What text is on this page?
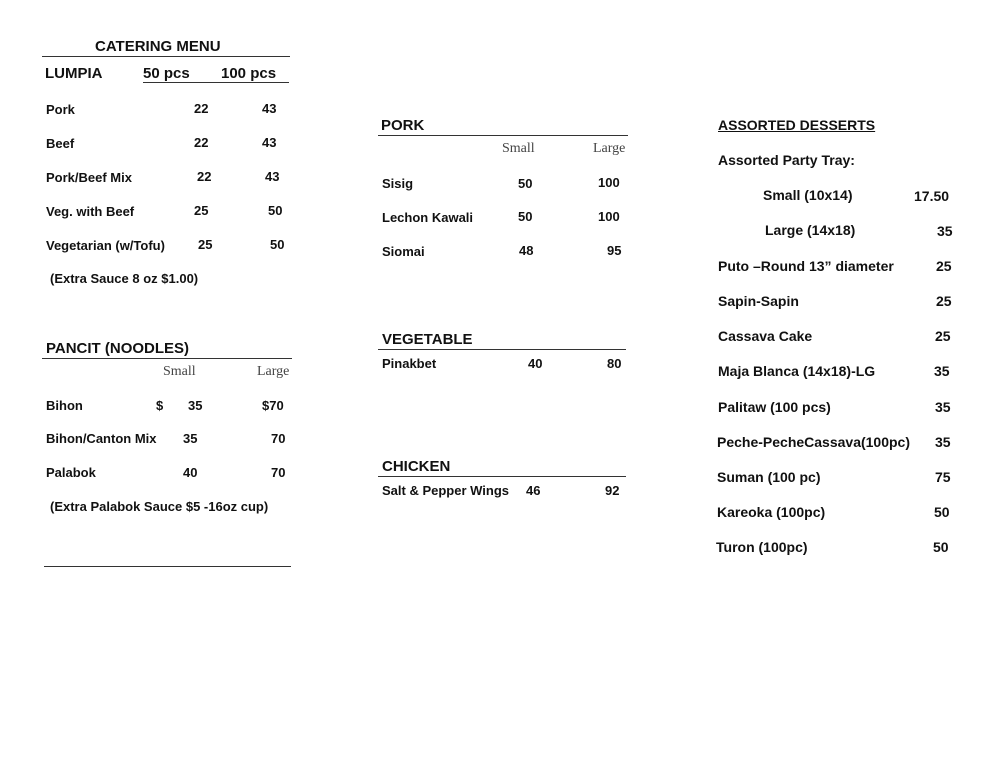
CATERING MENU
LUMPIA	50 pcs 100 pcs
Pork	22	43
Beef	22	43
Pork/Beef Mix	22	43
Veg. with Beef	25	50
Vegetarian (w/Tofu)	25	50
(Extra Sauce 8 oz $1.00)
PANCIT (NOODLES)
Small	Large
Bihon	$ 35	$70
Bihon/Canton Mix 35	70
Palabok	40	70
(Extra Palabok Sauce $5 -16oz cup)
PORK
Small	Large
Sisig	50	100
Lechon Kawali	50	100
Siomai	48	95
VEGETABLE
Pinakbet	40	80
CHICKEN
Salt & Pepper Wings 46	92
ASSORTED DESSERTS
Assorted Party Tray:
Small (10x14)	17.50
Large (14x18)	35
Puto –Round 13” diameter	25
Sapin-Sapin	25
Cassava Cake	25
Maja Blanca (14x18)-LG	35
Palitaw (100 pcs)	35
Peche-PecheCassava(100pc) 35
Suman (100 pc)	75
Kareoka (100pc)	50
Turon (100pc)	50
